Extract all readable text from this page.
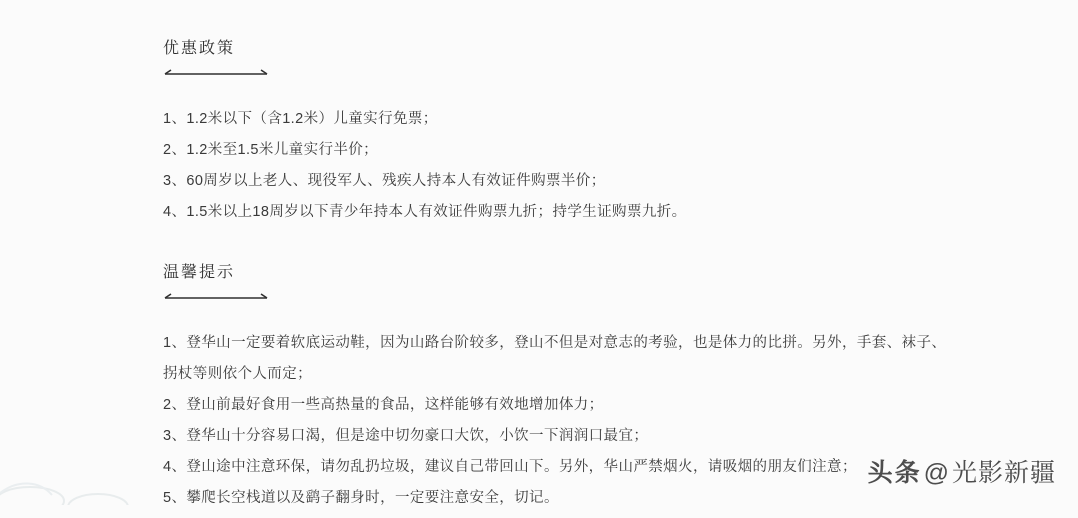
优惠政策
1、1.2米以下（含1.2米）儿童实行免票；
2、1.2米至1.5米儿童实行半价；
3、60周岁以上老人、现役军人、残疾人持本人有效证件购票半价；
4、1.5米以上18周岁以下青少年持本人有效证件购票九折；持学生证购票九折。
温馨提示
1、登华山一定要着软底运动鞋，因为山路台阶较多，登山不但是对意志的考验，也是体力的比拼。另外，手套、袜子、拐杖等则依个人而定；
2、登山前最好食用一些高热量的食品，这样能够有效地增加体力；
3、登华山十分容易口渴，但是途中切勿豪口大饮，小饮一下润润口最宜；
4、登山途中注意环保，请勿乱扔垃圾，建议自己带回山下。另外，华山严禁烟火，请吸烟的朋友们注意；
5、攀爬长空栈道以及鹞子翻身时，一定要注意安全，切记。
头条@光影新疆
